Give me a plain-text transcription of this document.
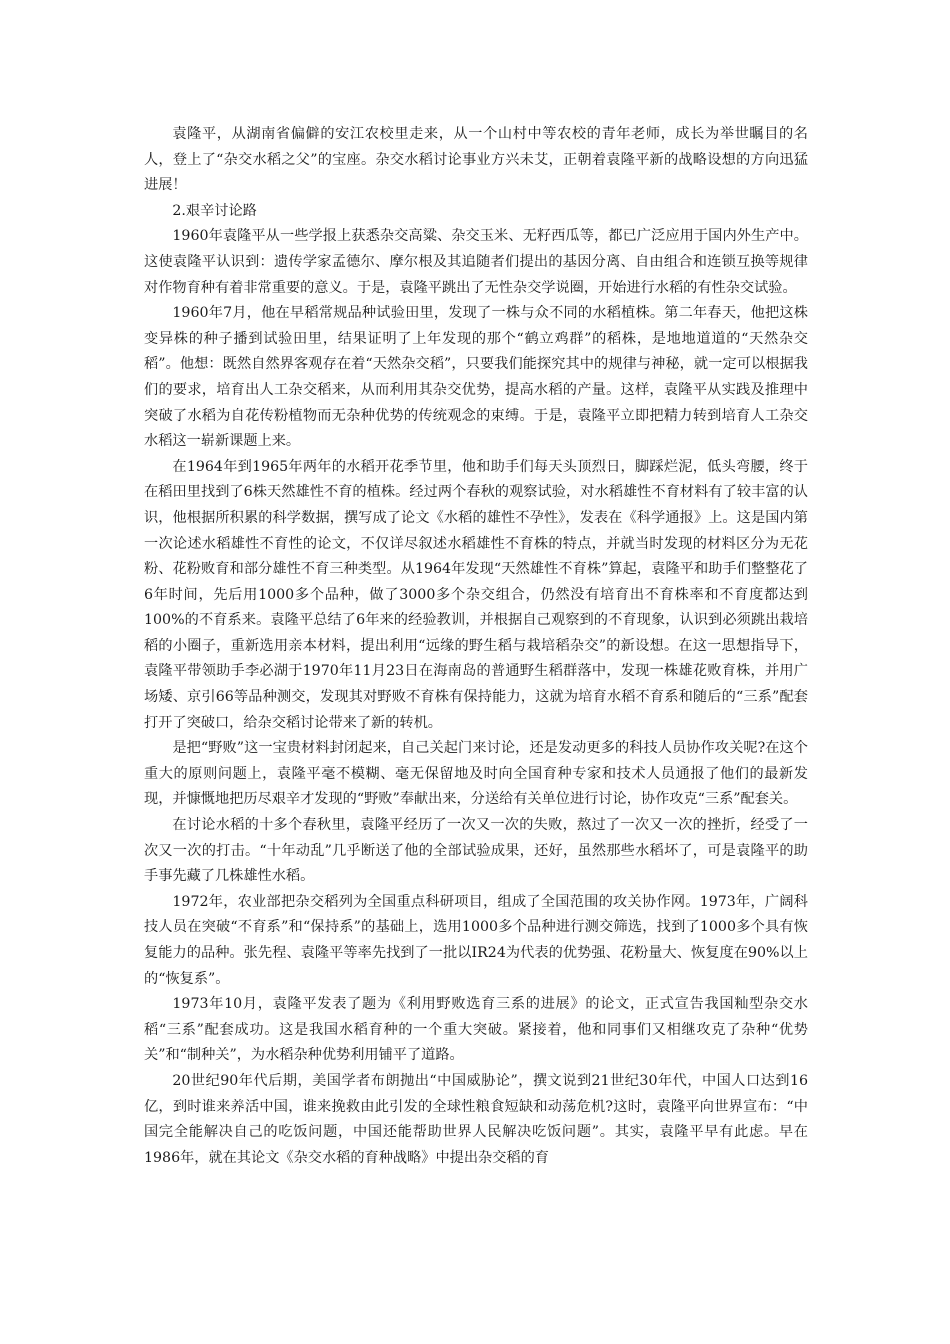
袁隆平，从湖南省偏僻的安江农校里走来，从一个山村中等农校的青年老师，成长为举世瞩目的名人，登上了“杂交水稻之父”的宝座。杂交水稻讨论事业方兴未艾，正朝着袁隆平新的战略设想的方向迅猛进展！

2.艰辛讨论路

1960年袁隆平从一些学报上获悉杂交高粱、杂交玉米、无籽西瓜等，都已广泛应用于国内外生产中。这使袁隆平认识到：遗传学家孟德尔、摩尔根及其追随者们提出的基因分离、自由组合和连锁互换等规律对作物育种有着非常重要的意义。于是，袁隆平跳出了无性杂交学说圈，开始进行水稻的有性杂交试验。

1960年7月，他在早稻常规品种试验田里，发现了一株与众不同的水稻植株。第二年春天，他把这株变异株的种子播到试验田里，结果证明了上年发现的那个“鹤立鸡群”的稻株，是地地道道的“天然杂交稻”。他想：既然自然界客观存在着“天然杂交稻”，只要我们能探究其中的规律与神秘，就一定可以根据我们的要求，培育出人工杂交稻来，从而利用其杂交优势，提高水稻的产量。这样，袁隆平从实践及推理中突破了水稻为自花传粉植物而无杂种优势的传统观念的束缚。于是，袁隆平立即把精力转到培育人工杂交水稻这一崭新课题上来。

在1964年到1965年两年的水稻开花季节里，他和助手们每天头顶烈日，脚踩烂泥，低头弯腰，终于在稻田里找到了6株天然雄性不育的植株。经过两个春秋的观察试验，对水稻雄性不育材料有了较丰富的认识，他根据所积累的科学数据，撰写成了论文《水稻的雄性不孕性》，发表在《科学通报》上。这是国内第一次论述水稻雄性不育性的论文，不仅详尽叙述水稻雄性不育株的特点，并就当时发现的材料区分为无花粉、花粉败育和部分雄性不育三种类型。从1964年发现“天然雄性不育株”算起，袁隆平和助手们整整花了6年时间，先后用1000多个品种，做了3000多个杂交组合，仍然没有培育出不育株率和不育度都达到100%的不育系来。袁隆平总结了6年来的经验教训，并根据自己观察到的不育现象，认识到必须跳出栽培稻的小圈子，重新选用亲本材料，提出利用“远缘的野生稻与栽培稻杂交”的新设想。在这一思想指导下，袁隆平带领助手李必湖于1970年11月23日在海南岛的普通野生稻群落中，发现一株雄花败育株，并用广场矮、京引66等品种测交，发现其对野败不育株有保持能力，这就为培育水稻不育系和随后的“三系”配套打开了突破口，给杂交稻讨论带来了新的转机。

是把“野败”这一宝贵材料封闭起来，自己关起门来讨论，还是发动更多的科技人员协作攻关呢?在这个重大的原则问题上，袁隆平毫不模糊、毫无保留地及时向全国育种专家和技术人员通报了他们的最新发现，并慷慨地把历尽艰辛才发现的“野败”奉献出来，分送给有关单位进行讨论，协作攻克“三系”配套关。

在讨论水稻的十多个春秋里，袁隆平经历了一次又一次的失败，熬过了一次又一次的挫折，经受了一次又一次的打击。“十年动乱”几乎断送了他的全部试验成果，还好，虽然那些水稻坏了，可是袁隆平的助手事先藏了几株雄性水稻。

1972年，农业部把杂交稻列为全国重点科研项目，组成了全国范围的攻关协作网。1973年，广阔科技人员在突破“不育系”和“保持系”的基础上，选用1000多个品种进行测交筛选，找到了1000多个具有恢复能力的品种。张先程、袁隆平等率先找到了一批以IR24为代表的优势强、花粉量大、恢复度在90%以上的“恢复系”。

1973年10月，袁隆平发表了题为《利用野败选育三系的进展》的论文，正式宣告我国籼型杂交水稻“三系”配套成功。这是我国水稻育种的一个重大突破。紧接着，他和同事们又相继攻克了杂种“优势关”和“制种关”，为水稻杂种优势利用铺平了道路。

20世纪90年代后期，美国学者布朗抛出“中国威胁论”，撰文说到21世纪30年代，中国人口达到16亿，到时谁来养活中国，谁来挽救由此引发的全球性粮食短缺和动荡危机?这时，袁隆平向世界宣布：“中国完全能解决自己的吃饭问题，中国还能帮助世界人民解决吃饭问题”。其实，袁隆平早有此虑。早在1986年，就在其论文《杂交水稻的育种战略》中提出杂交稻的育
